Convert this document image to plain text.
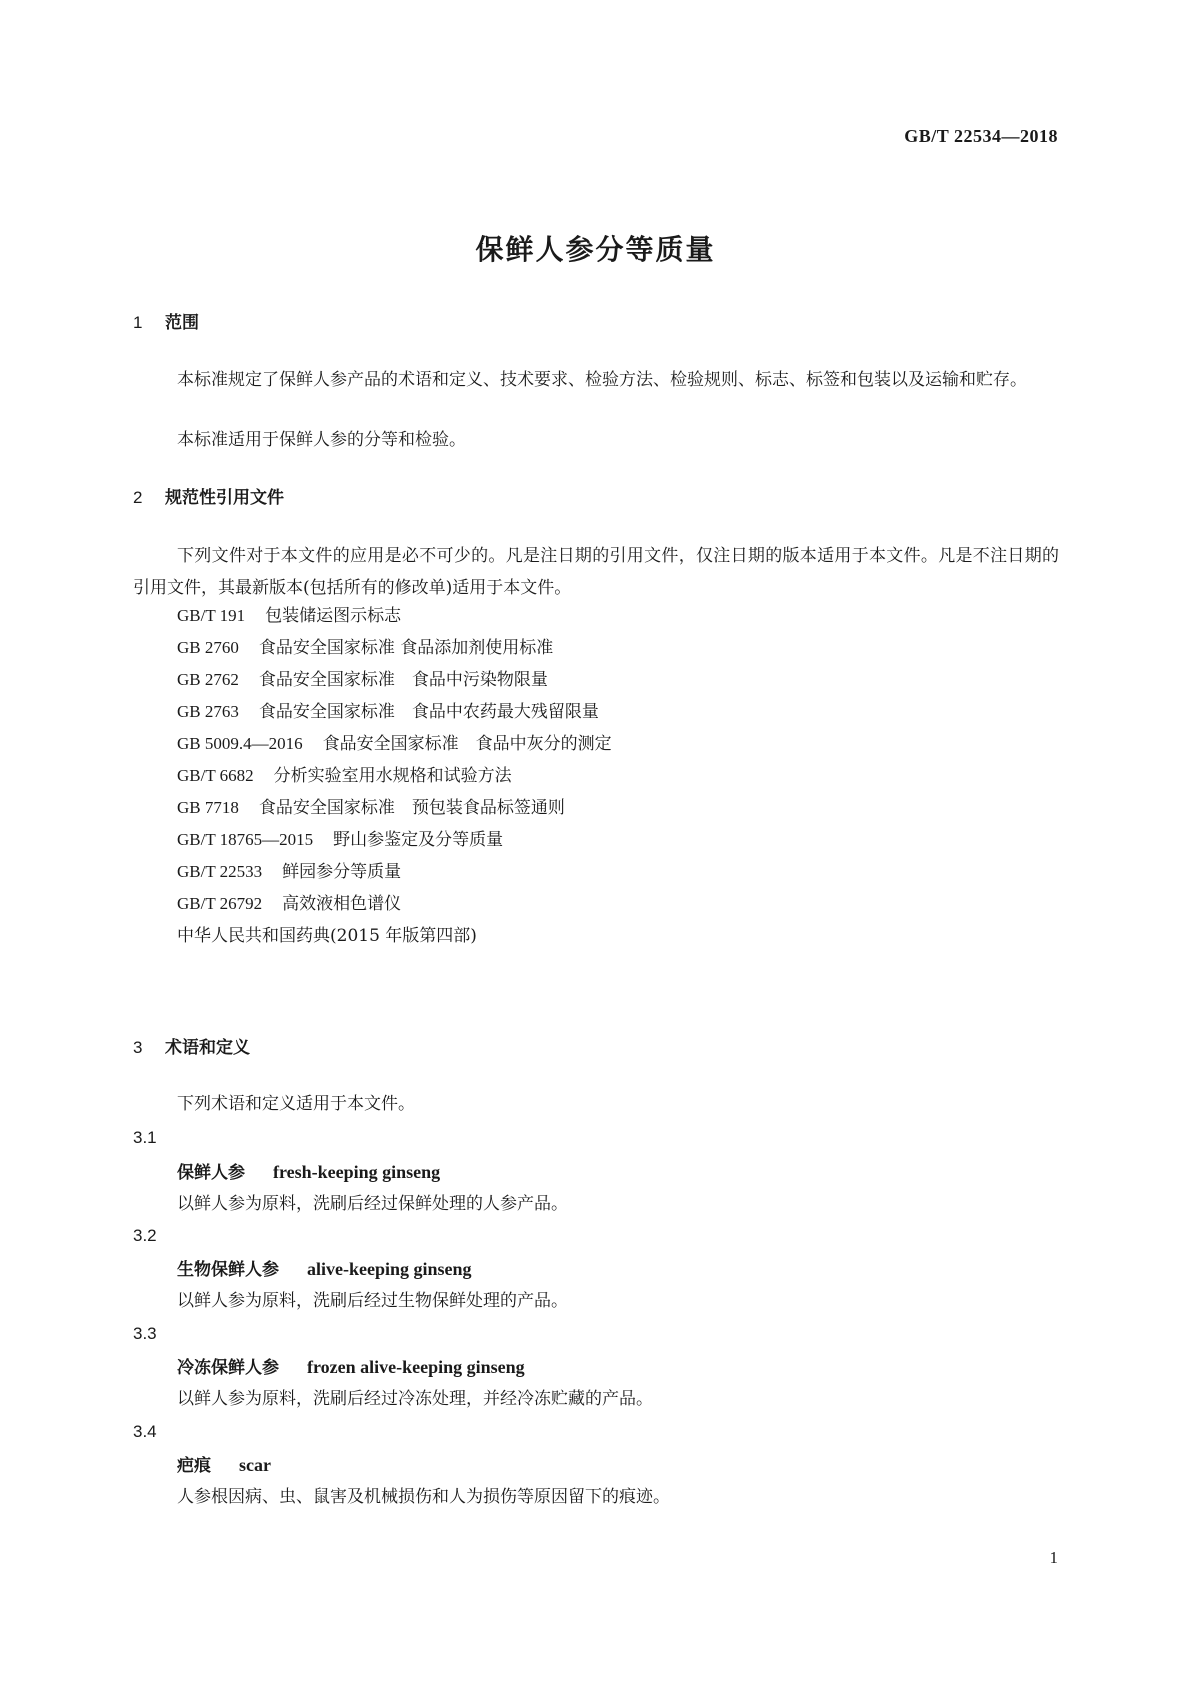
GB/T 22534—2018
保鲜人参分等质量
1 范围
本标准规定了保鲜人参产品的术语和定义、技术要求、检验方法、检验规则、标志、标签和包装以及运输和贮存。
本标准适用于保鲜人参的分等和检验。
2 规范性引用文件
下列文件对于本文件的应用是必不可少的。凡是注日期的引用文件，仅注日期的版本适用于本文件。凡是不注日期的引用文件，其最新版本(包括所有的修改单)适用于本文件。
GB/T 191 包装储运图示标志
GB 2760 食品安全国家标准 食品添加剂使用标准
GB 2762 食品安全国家标准　食品中污染物限量
GB 2763 食品安全国家标准　食品中农药最大残留限量
GB 5009.4—2016 食品安全国家标准　食品中灰分的测定
GB/T 6682 分析实验室用水规格和试验方法
GB 7718 食品安全国家标准　预包装食品标签通则
GB/T 18765—2015 野山参鉴定及分等质量
GB/T 22533 鲜园参分等质量
GB/T 26792 高效液相色谱仪
中华人民共和国药典(2015 年版第四部)
3 术语和定义
下列术语和定义适用于本文件。
3.1
保鲜人参 fresh-keeping ginseng
以鲜人参为原料，洗刷后经过保鲜处理的人参产品。
3.2
生物保鲜人参 alive-keeping ginseng
以鲜人参为原料，洗刷后经过生物保鲜处理的产品。
3.3
冷冻保鲜人参 frozen alive-keeping ginseng
以鲜人参为原料，洗刷后经过冷冻处理，并经冷冻贮藏的产品。
3.4
疤痕 scar
人参根因病、虫、鼠害及机械损伤和人为损伤等原因留下的痕迹。
1
